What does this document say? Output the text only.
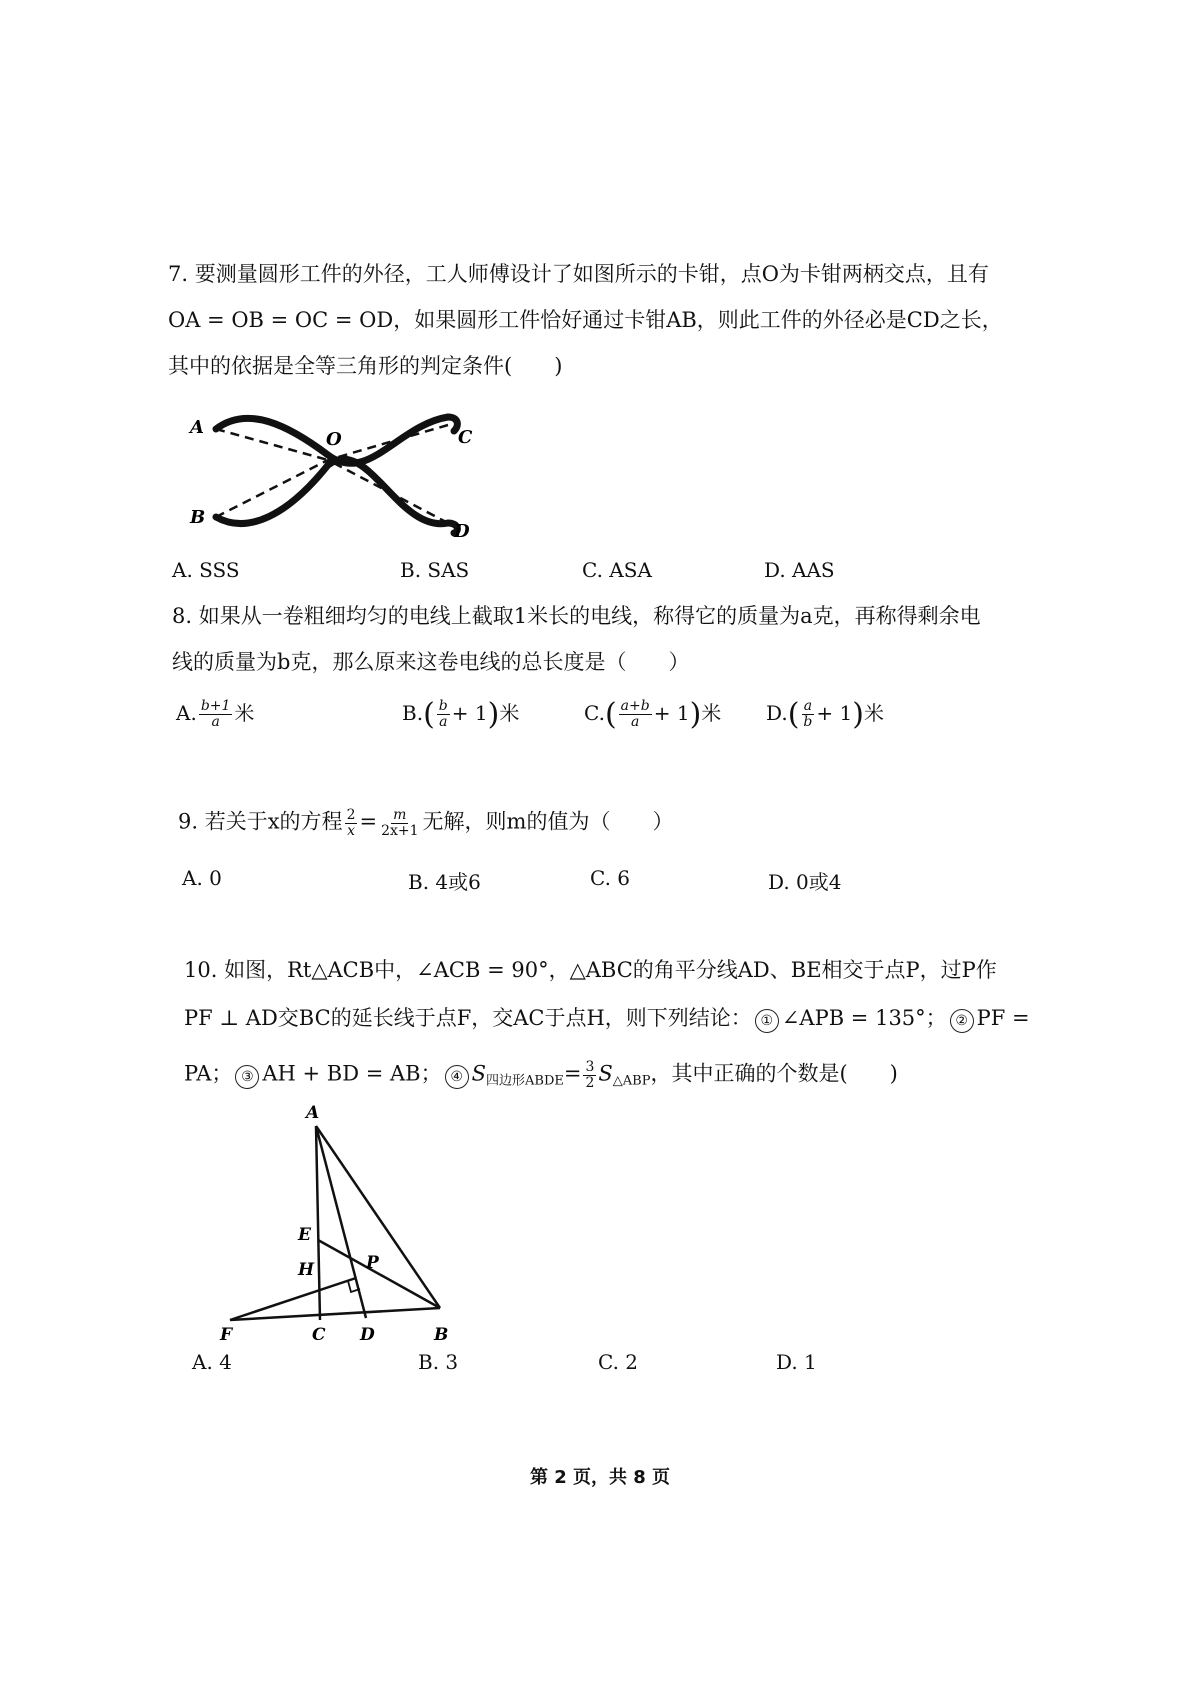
7. 要测量圆形工件的外径，工人师傅设计了如图所示的卡钳，点O为卡钳两柄交点，且有
OA = OB = OC = OD，如果圆形工件恰好通过卡钳AB，则此工件的外径必是CD之长，
其中的依据是全等三角形的判定条件(　　)
A
O	C
B
D
A. SSS	B. SAS	C. ASA	D. AAS
8. 如果从一卷粗细均匀的电线上截取1米长的电线，称得它的质量为a克，再称得剩余电
线的质量为b克，那么原来这卷电线的总长度是（　　）
A. $\frac{b+1}{a}$ 米	$B.( \frac{b}{a} + 1)$米	$C.( \frac{a+b}{a} + 1)$米 $D.( \frac{a}{b} + 1)$米
9. 若关于x的方程 $\frac{2}{x} = \frac{m}{2x+1}$ 无解，则m的值为（　　）
A. 0	B. 4或6	C. 6	D. 0或4
10. 如图，Rt△ACB中，∠ACB = 90°，△ABC的角平分线AD、BE相交于点P，过P作
PF ⊥ AD交BC的延长线于点F，交AC于点H，则下列结论： ① ∠APB = 135°； ② PF =
PA； ③ AH + BD = AB； ④ $S_{四边形ABDE}= \frac{3}{2} S_{\triangle ABP}$，其中正确的个数是(　　)
A
E
H	P
F	C D	B
A. 4	B. 3	C. 2	D. 1
第 2 页，共 8 页
